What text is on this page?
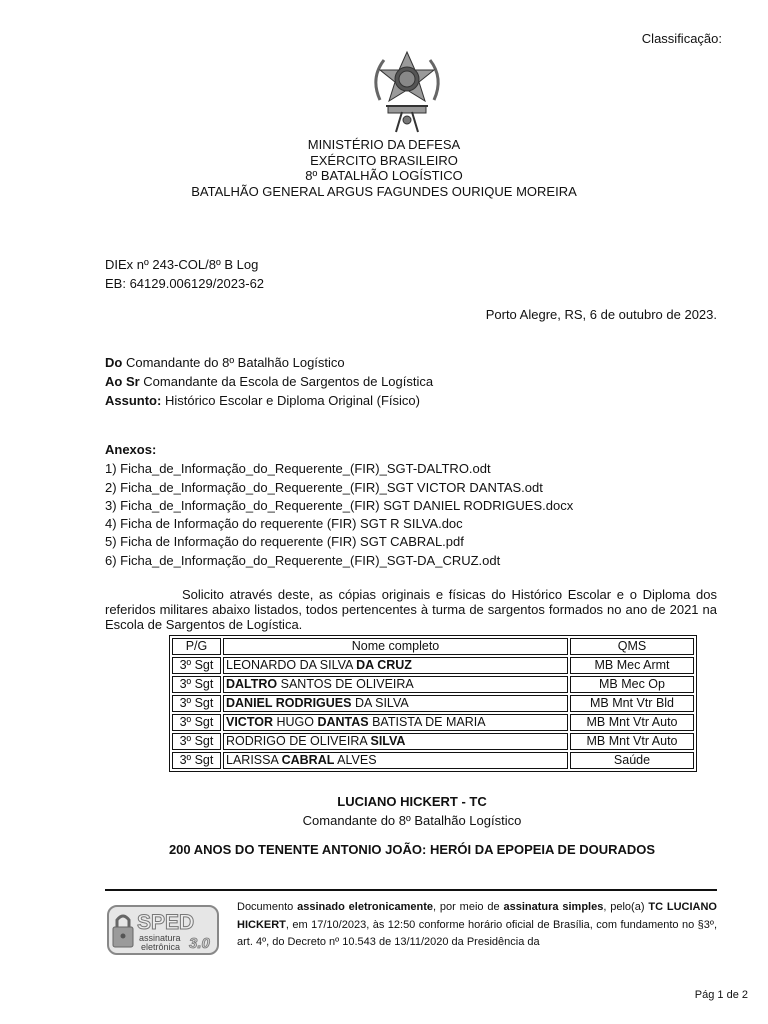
Classificação:
MINISTÉRIO DA DEFESA
EXÉRCITO BRASILEIRO
8º BATALHÃO LOGÍSTICO
BATALHÃO GENERAL ARGUS FAGUNDES OURIQUE MOREIRA
DIEx nº 243-COL/8º B Log
EB: 64129.006129/2023-62
Porto Alegre, RS, 6 de outubro de 2023.
Do Comandante do 8º Batalhão Logístico
Ao Sr Comandante da Escola de Sargentos de Logística
Assunto: Histórico Escolar e Diploma Original (Físico)
Anexos:
1) Ficha_de_Informação_do_Requerente_(FIR)_SGT-DALTRO.odt
2) Ficha_de_Informação_do_Requerente_(FIR)_SGT VICTOR DANTAS.odt
3) Ficha_de_Informação_do_Requerente_(FIR) SGT DANIEL RODRIGUES.docx
4) Ficha de Informação do requerente (FIR) SGT R SILVA.doc
5) Ficha de Informação do requerente (FIR) SGT CABRAL.pdf
6) Ficha_de_Informação_do_Requerente_(FIR)_SGT-DA_CRUZ.odt
Solicito através deste, as cópias originais e físicas do Histórico Escolar e o Diploma dos referidos militares abaixo listados, todos pertencentes à turma de sargentos formados no ano de 2021 na Escola de Sargentos de Logística.
P/G	Nome completo	QMS
3º Sgt	LEONARDO DA SILVA DA CRUZ	MB Mec Armt
3º Sgt	DALTRO SANTOS DE OLIVEIRA	MB Mec Op
3º Sgt	DANIEL RODRIGUES DA SILVA	MB Mnt Vtr Bld
3º Sgt	VICTOR HUGO DANTAS BATISTA DE MARIA	MB Mnt Vtr Auto
3º Sgt	RODRIGO DE OLIVEIRA SILVA	MB Mnt Vtr Auto
3º Sgt	LARISSA CABRAL ALVES	Saúde
LUCIANO HICKERT - TC
Comandante do 8º Batalhão Logístico
200 ANOS DO TENENTE ANTONIO JOÃO: HERÓI DA EPOPEIA DE DOURADOS
SPED
assinatura
eletrônica 3.0
Documento assinado eletronicamente, por meio de assinatura simples, pelo(a) TC LUCIANO HICKERT, em 17/10/2023, às 12:50 conforme horário oficial de Brasília, com fundamento no §3º, art. 4º, do Decreto nº 10.543 de 13/11/2020 da Presidência da
Pág 1 de 2
